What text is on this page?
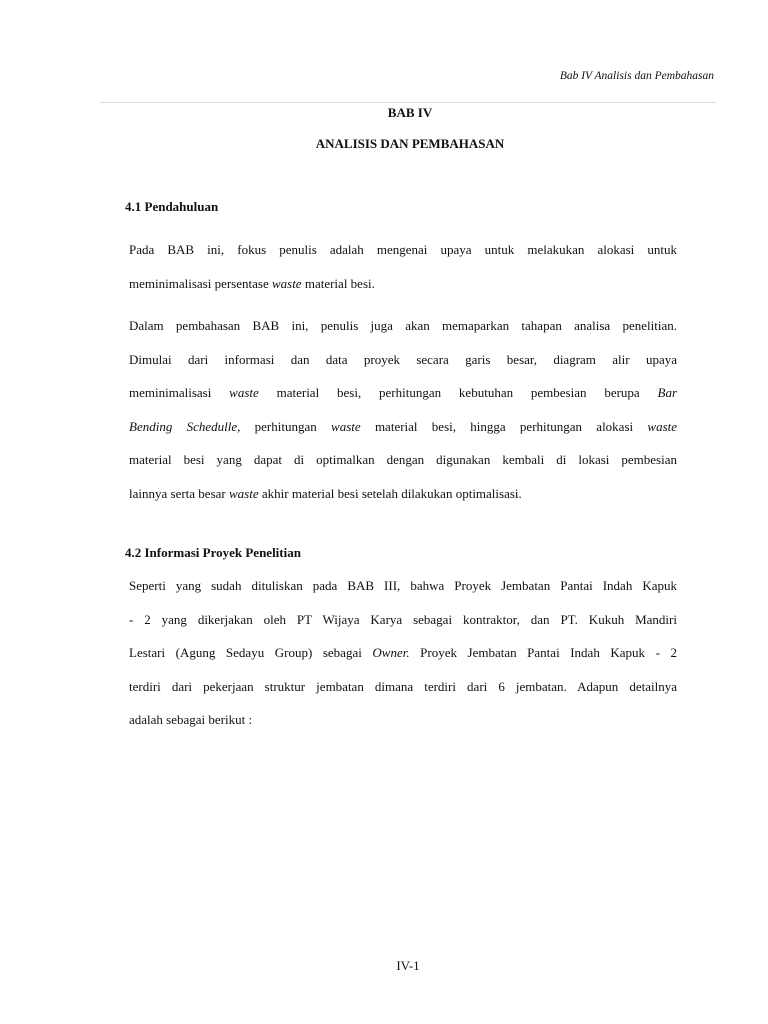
Bab IV Analisis dan Pembahasan
BAB IV
ANALISIS DAN PEMBAHASAN
4.1 Pendahuluan
Pada BAB ini, fokus penulis adalah mengenai upaya untuk melakukan alokasi untuk
meminimalisasi persentase waste material besi.
Dalam pembahasan BAB ini, penulis juga akan memaparkan tahapan analisa penelitian.
Dimulai dari informasi dan data proyek secara garis besar, diagram alir upaya
meminimalisasi waste material besi, perhitungan kebutuhan pembesian berupa Bar
Bending Schedulle, perhitungan waste material besi, hingga perhitungan alokasi waste
material besi yang dapat di optimalkan dengan digunakan kembali di lokasi pembesian
lainnya serta besar waste akhir material besi setelah dilakukan optimalisasi.
4.2 Informasi Proyek Penelitian
Seperti yang sudah dituliskan pada BAB III, bahwa Proyek Jembatan Pantai Indah Kapuk
- 2 yang dikerjakan oleh PT Wijaya Karya sebagai kontraktor, dan PT. Kukuh Mandiri
Lestari (Agung Sedayu Group) sebagai Owner. Proyek Jembatan Pantai Indah Kapuk - 2
terdiri dari pekerjaan struktur jembatan dimana terdiri dari 6 jembatan. Adapun detailnya
adalah sebagai berikut :
IV-1
